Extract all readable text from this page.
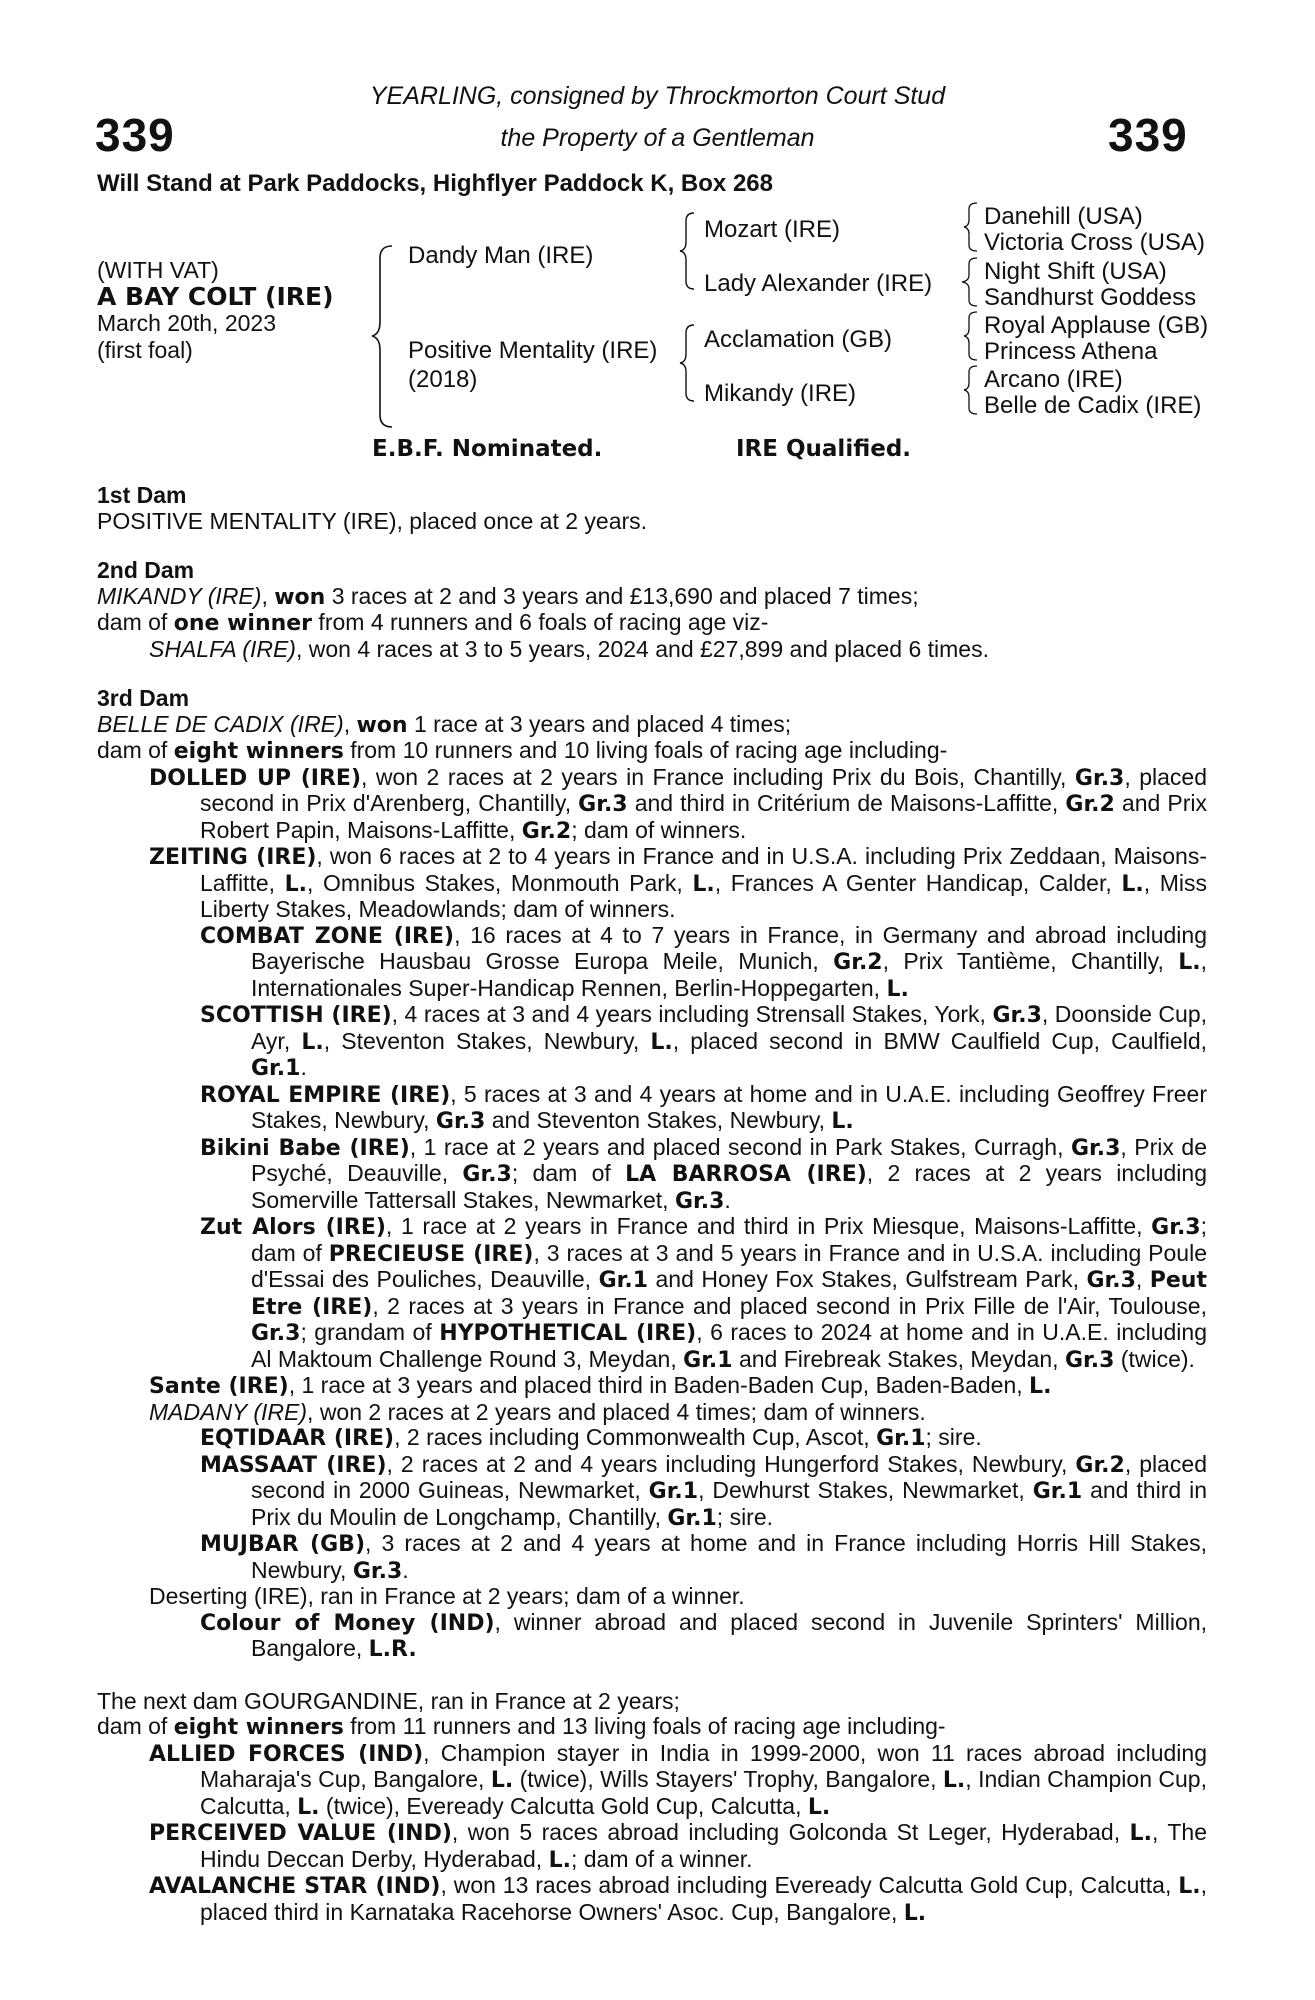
339	339
YEARLING, consigned by Throckmorton Court Stud
the Property of a Gentleman
Will Stand at Park Paddocks, Highflyer Paddock K, Box 268
(WITH VAT)
A BAY COLT (IRE)
March 20th, 2023
(first foal)
Dandy Man (IRE)
Positive Mentality (IRE)
(2018)
Mozart (IRE)
Lady Alexander (IRE)
Acclamation (GB)
Mikandy (IRE)
Danehill (USA)
Victoria Cross (USA)
Night Shift (USA)
Sandhurst Goddess
Royal Applause (GB)
Princess Athena
Arcano (IRE)
Belle de Cadix (IRE)
E.B.F. Nominated.	IRE Qualified.

1st Dam

POSITIVE MENTALITY (IRE), placed once at 2 years.

2nd Dam

MIKANDY (IRE), won 3 races at 2 and 3 years and £13,690 and placed 7 times;

dam of one winner from 4 runners and 6 foals of racing age viz-

SHALFA (IRE), won 4 races at 3 to 5 years, 2024 and £27,899 and placed 6 times.

3rd Dam

BELLE DE CADIX (IRE), won 1 race at 3 years and placed 4 times;

dam of eight winners from 10 runners and 10 living foals of racing age including-

DOLLED UP (IRE), won 2 races at 2 years in France including Prix du Bois, Chantilly, Gr.3, placed second in Prix d'Arenberg, Chantilly, Gr.3 and third in Critérium de Maisons-Laffitte, Gr.2 and Prix Robert Papin, Maisons-Laffitte, Gr.2; dam of winners.

ZEITING (IRE), won 6 races at 2 to 4 years in France and in U.S.A. including Prix Zeddaan, Maisons-Laffitte, L., Omnibus Stakes, Monmouth Park, L., Frances A Genter Handicap, Calder, L., Miss Liberty Stakes, Meadowlands; dam of winners.

COMBAT ZONE (IRE), 16 races at 4 to 7 years in France, in Germany and abroad including Bayerische Hausbau Grosse Europa Meile, Munich, Gr.2, Prix Tantième, Chantilly, L., Internationales Super-Handicap Rennen, Berlin-Hoppegarten, L.

SCOTTISH (IRE), 4 races at 3 and 4 years including Strensall Stakes, York, Gr.3, Doonside Cup, Ayr, L., Steventon Stakes, Newbury, L., placed second in BMW Caulfield Cup, Caulfield, Gr.1.

ROYAL EMPIRE (IRE), 5 races at 3 and 4 years at home and in U.A.E. including Geoffrey Freer Stakes, Newbury, Gr.3 and Steventon Stakes, Newbury, L.

Bikini Babe (IRE), 1 race at 2 years and placed second in Park Stakes, Curragh, Gr.3, Prix de Psyché, Deauville, Gr.3; dam of LA BARROSA (IRE), 2 races at 2 years including Somerville Tattersall Stakes, Newmarket, Gr.3.

Zut Alors (IRE), 1 race at 2 years in France and third in Prix Miesque, Maisons-Laffitte, Gr.3; dam of PRECIEUSE (IRE), 3 races at 3 and 5 years in France and in U.S.A. including Poule d'Essai des Pouliches, Deauville, Gr.1 and Honey Fox Stakes, Gulfstream Park, Gr.3, Peut Etre (IRE), 2 races at 3 years in France and placed second in Prix Fille de l'Air, Toulouse, Gr.3; grandam of HYPOTHETICAL (IRE), 6 races to 2024 at home and in U.A.E. including Al Maktoum Challenge Round 3, Meydan, Gr.1 and Firebreak Stakes, Meydan, Gr.3 (twice).

Sante (IRE), 1 race at 3 years and placed third in Baden-Baden Cup, Baden-Baden, L.

MADANY (IRE), won 2 races at 2 years and placed 4 times; dam of winners.

EQTIDAAR (IRE), 2 races including Commonwealth Cup, Ascot, Gr.1; sire.

MASSAAT (IRE), 2 races at 2 and 4 years including Hungerford Stakes, Newbury, Gr.2, placed second in 2000 Guineas, Newmarket, Gr.1, Dewhurst Stakes, Newmarket, Gr.1 and third in Prix du Moulin de Longchamp, Chantilly, Gr.1; sire.

MUJBAR (GB), 3 races at 2 and 4 years at home and in France including Horris Hill Stakes, Newbury, Gr.3.

Deserting (IRE), ran in France at 2 years; dam of a winner.

Colour of Money (IND), winner abroad and placed second in Juvenile Sprinters' Million, Bangalore, L.R.

The next dam GOURGANDINE, ran in France at 2 years;

dam of eight winners from 11 runners and 13 living foals of racing age including-

ALLIED FORCES (IND), Champion stayer in India in 1999-2000, won 11 races abroad including Maharaja's Cup, Bangalore, L. (twice), Wills Stayers' Trophy, Bangalore, L., Indian Champion Cup, Calcutta, L. (twice), Eveready Calcutta Gold Cup, Calcutta, L.

PERCEIVED VALUE (IND), won 5 races abroad including Golconda St Leger, Hyderabad, L., The Hindu Deccan Derby, Hyderabad, L.; dam of a winner.

AVALANCHE STAR (IND), won 13 races abroad including Eveready Calcutta Gold Cup, Calcutta, L., placed third in Karnataka Racehorse Owners' Asoc. Cup, Bangalore, L.
